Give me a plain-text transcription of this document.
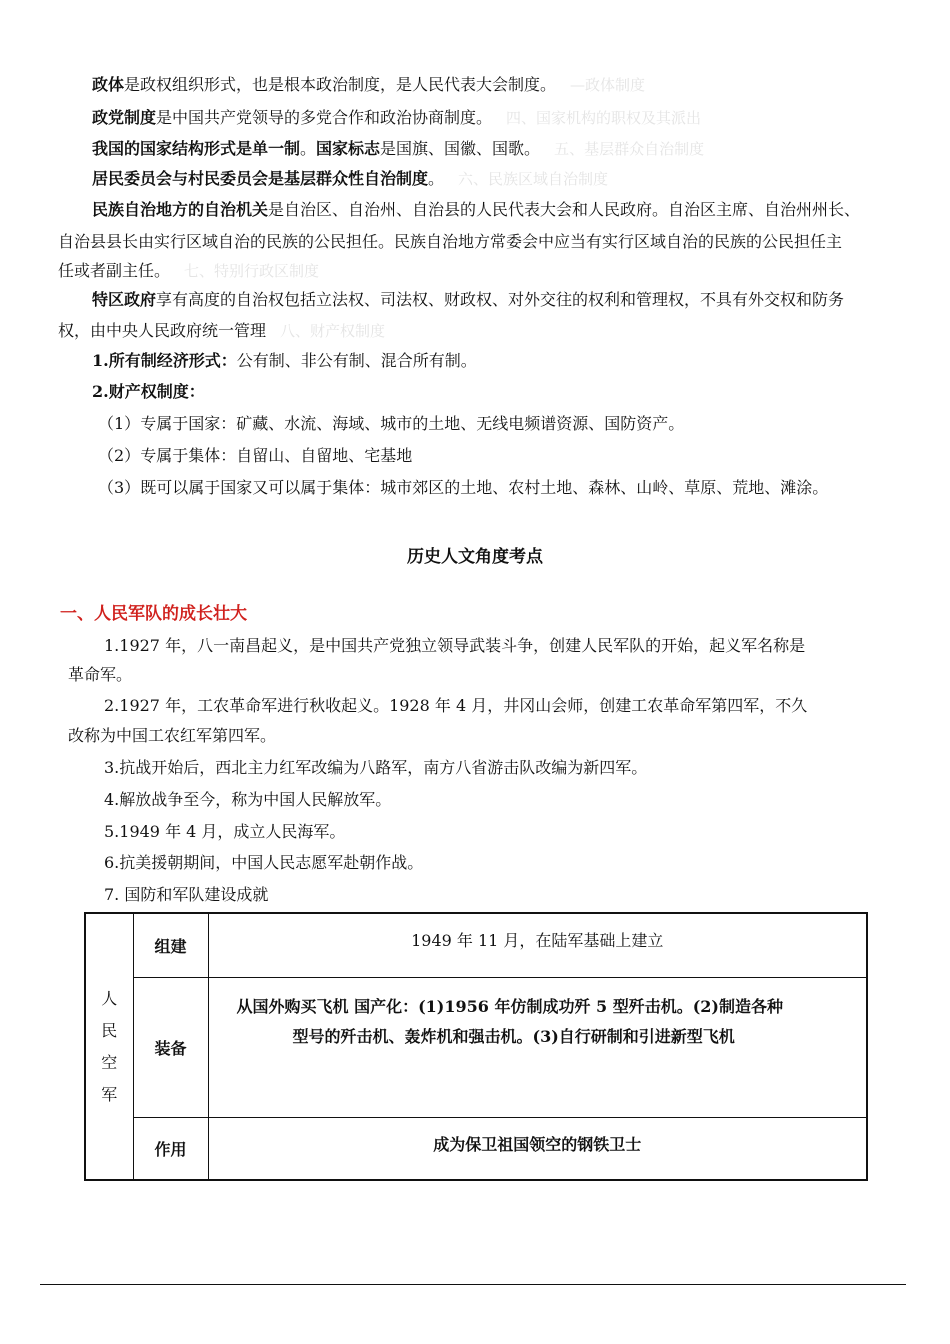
政体是政权组织形式，也是根本政治制度，是人民代表大会制度。 —政体制度
政党制度是中国共产党领导的多党合作和政治协商制度。 四、国家机构的职权及其派出
我国的国家结构形式是单一制。国家标志是国旗、国徽、国歌。 五、基层群众自治制度
居民委员会与村民委员会是基层群众性自治制度。 六、民族区域自治制度
民族自治地方的自治机关是自治区、自治州、自治县的人民代表大会和人民政府。自治区主席、自治州州长、
自治县县长由实行区域自治的民族的公民担任。民族自治地方常委会中应当有实行区域自治的民族的公民担任主
任或者副主任。 七、特别行政区制度
特区政府享有高度的自治权包括立法权、司法权、财政权、对外交往的权利和管理权，不具有外交权和防务
权，由中央人民政府统一管理 八、财产权制度
1.所有制经济形式：公有制、非公有制、混合所有制。
2.财产权制度：
（1）专属于国家：矿藏、水流、海域、城市的土地、无线电频谱资源、国防资产。
（2）专属于集体：自留山、自留地、宅基地
（3）既可以属于国家又可以属于集体：城市郊区的土地、农村土地、森林、山岭、草原、荒地、滩涂。
历史人文角度考点
一、人民军队的成长壮大
1.1927 年，八一南昌起义，是中国共产党独立领导武装斗争，创建人民军队的开始，起义军名称是
革命军。
2.1927 年，工农革命军进行秋收起义。1928 年 4 月，井冈山会师，创建工农革命军第四军，不久
改称为中国工农红军第四军。
3.抗战开始后，西北主力红军改编为八路军，南方八省游击队改编为新四军。
4.解放战争至今，称为中国人民解放军。
5.1949 年 4 月，成立人民海军。
6.抗美援朝期间，中国人民志愿军赴朝作战。
7. 国防和军队建设成就
人
民
空
军	组建	1949 年 11 月，在陆军基础上建立
	装备	从国外购买飞机 国产化：(1)1956 年仿制成功歼 5 型歼击机。(2)制造各种
型号的歼击机、轰炸机和强击机。(3)自行研制和引进新型飞机

	作用	成为保卫祖国领空的钢铁卫士
